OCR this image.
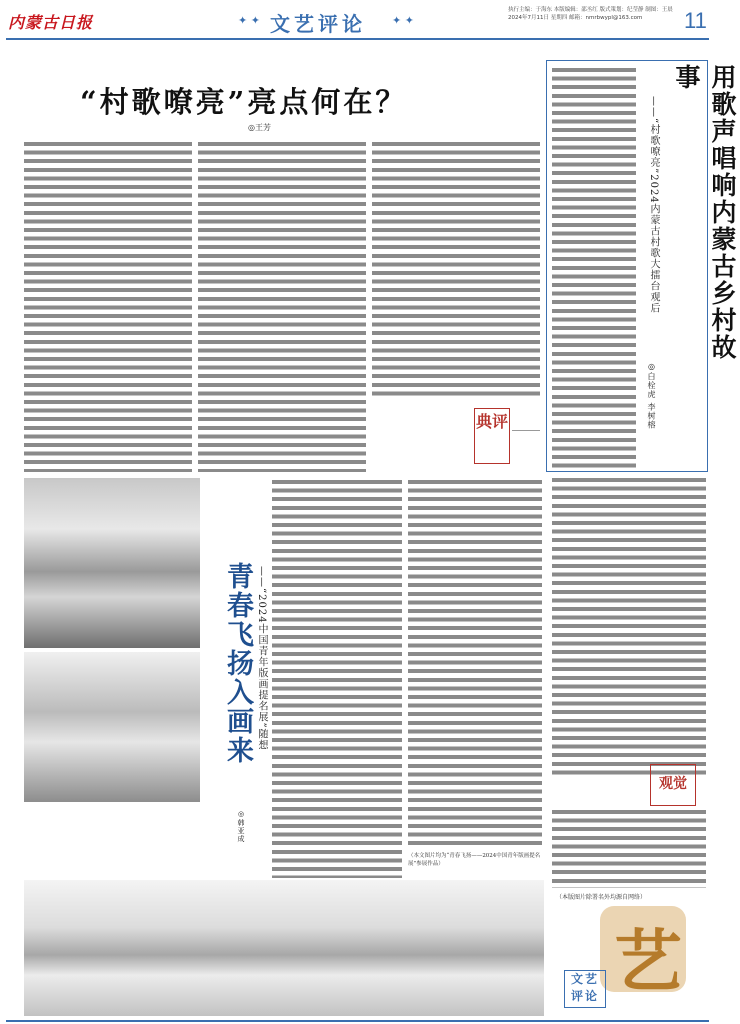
内蒙古日报	✦ ✦ 文艺评论 ✦ ✦
执行主编：于海东 本版编辑：邵丞红 版式策划：纪莹静 制图：王晨
2024年7月11日 星期四 邮箱：nmrbwypl@163.com	11
“村歌嘹亮”亮点何在？
◎王芳
典评
用歌声唱响内蒙古乡村故事
——“村歌嘹亮”2024内蒙古村歌大擂台观后
◎白栓虎 李树榕
观觉
青春飞扬入画来 ——“2024中国青年版画提名展”随想
◎韩亚成
（本文图片均为“青春飞扬——2024中国青年版画提名展”参展作品）
（本版图片除署名外均源自网络）
艺
文艺评论
